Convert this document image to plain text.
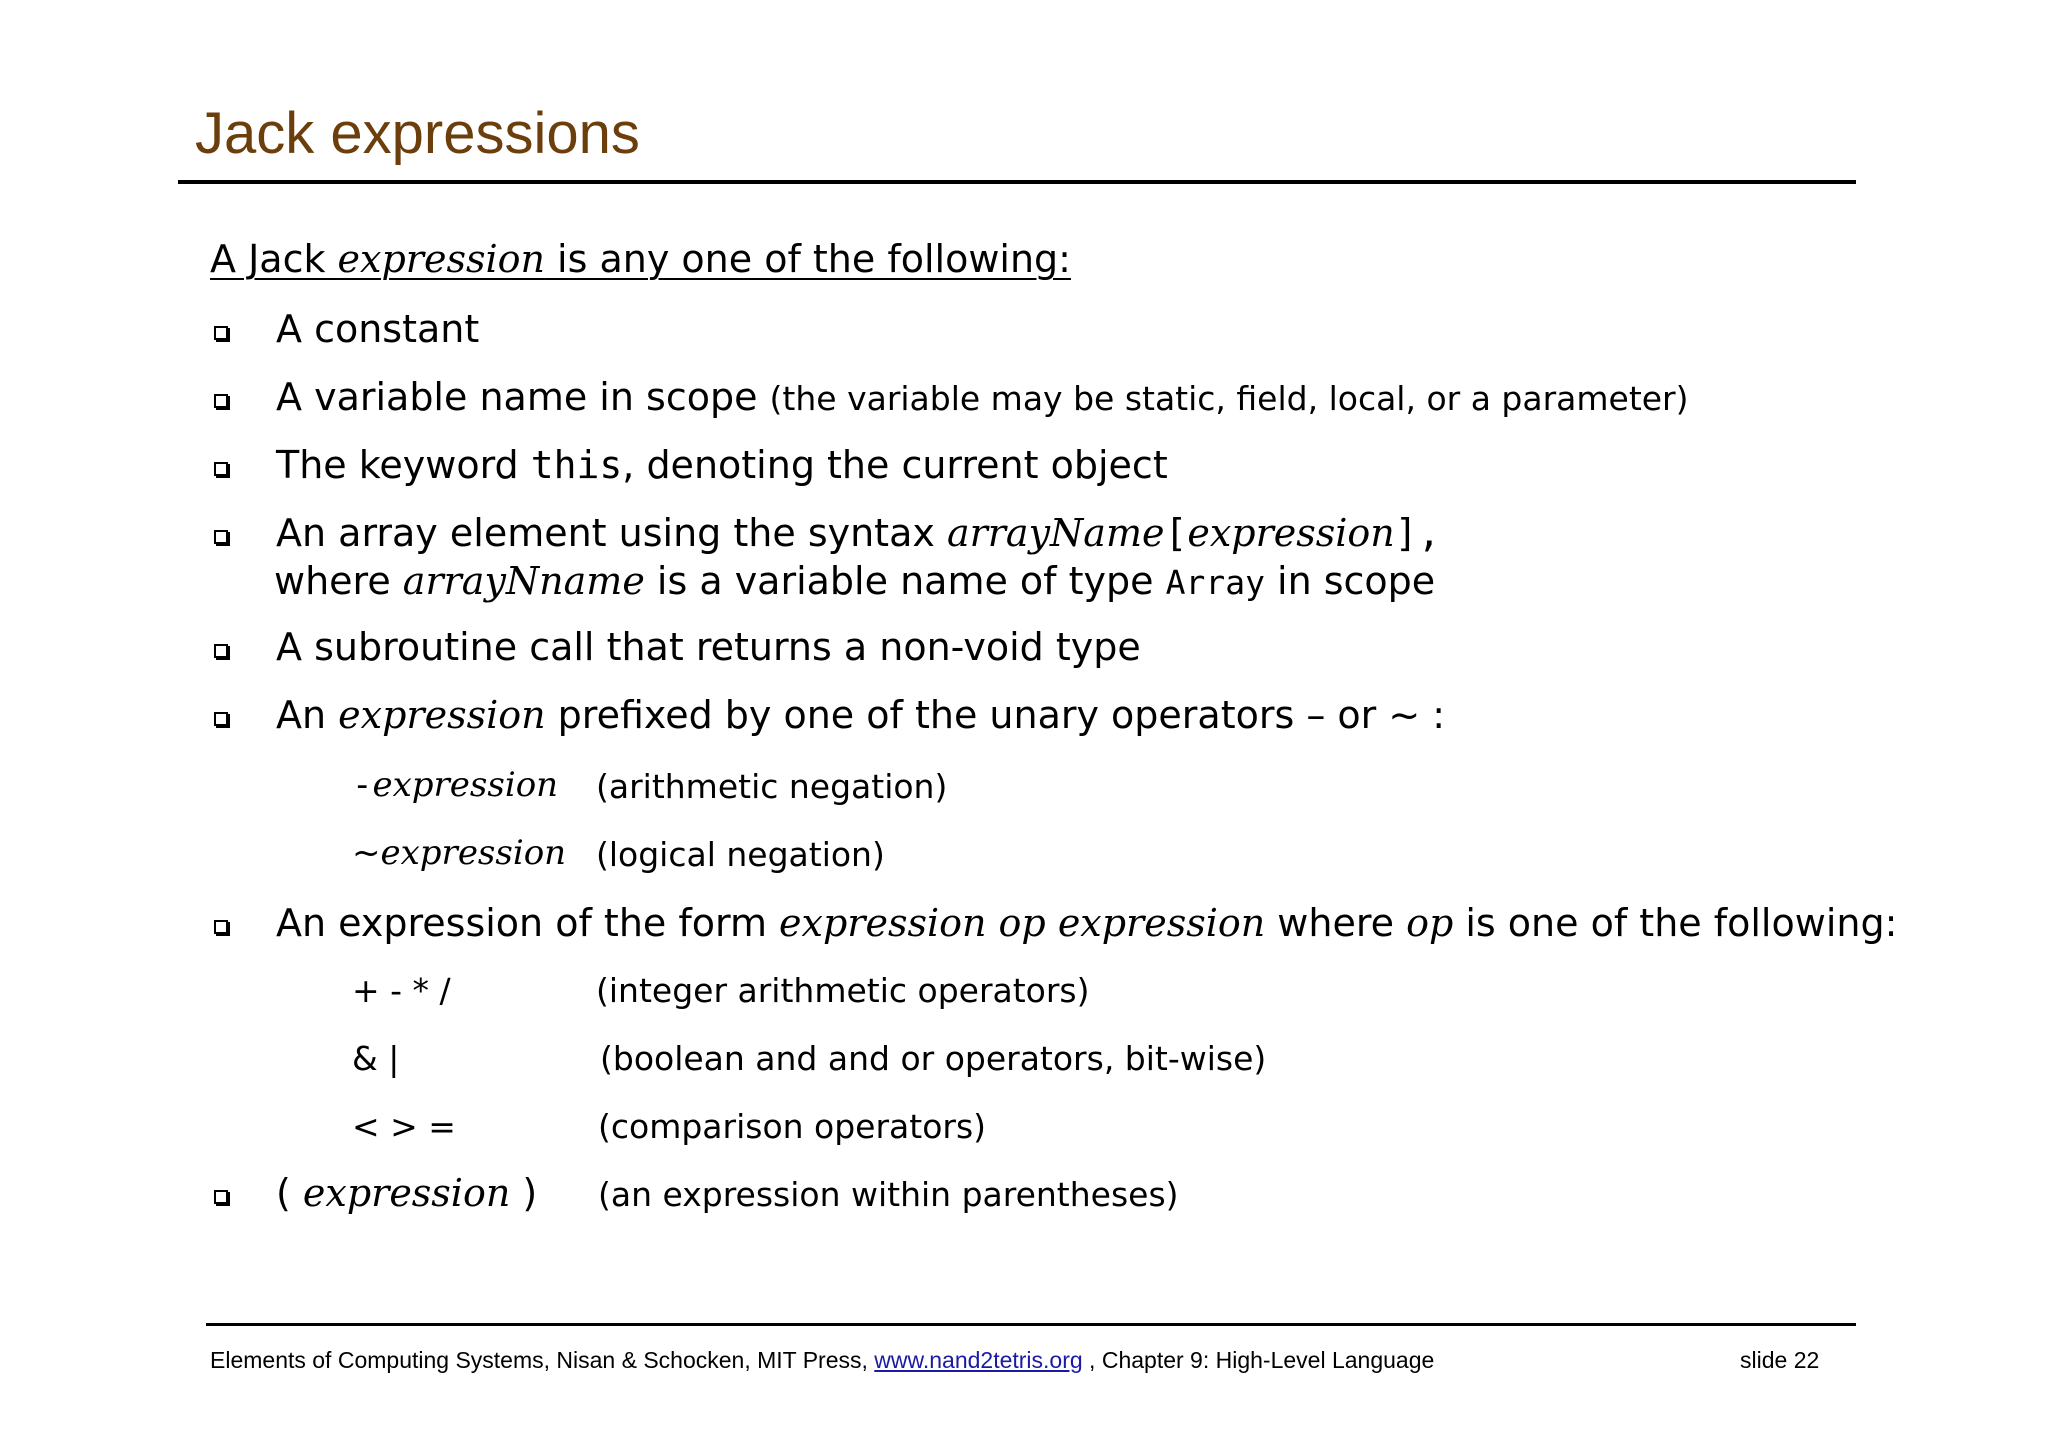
Jack expressions
A Jack expression is any one of the following:
A constant
A variable name in scope (the variable may be static, field, local, or a parameter)
The keyword this, denoting the current object
An array element using the syntax arrayName[expression],
where arrayNname is a variable name of type Array in scope
A subroutine call that returns a non-void type
An expression prefixed by one of the unary operators – or ~ :
-expression (arithmetic negation)
~expression (logical negation)
An expression of the form expression op expression where op is one of the following:
+ - * /	(integer arithmetic operators)
& |	(boolean and and or operators, bit-wise)
< > =	(comparison operators)
( expression ) (an expression within parentheses)
Elements of Computing Systems, Nisan & Schocken, MIT Press, www.nand2tetris.org , Chapter 9: High-Level Language	slide 22
